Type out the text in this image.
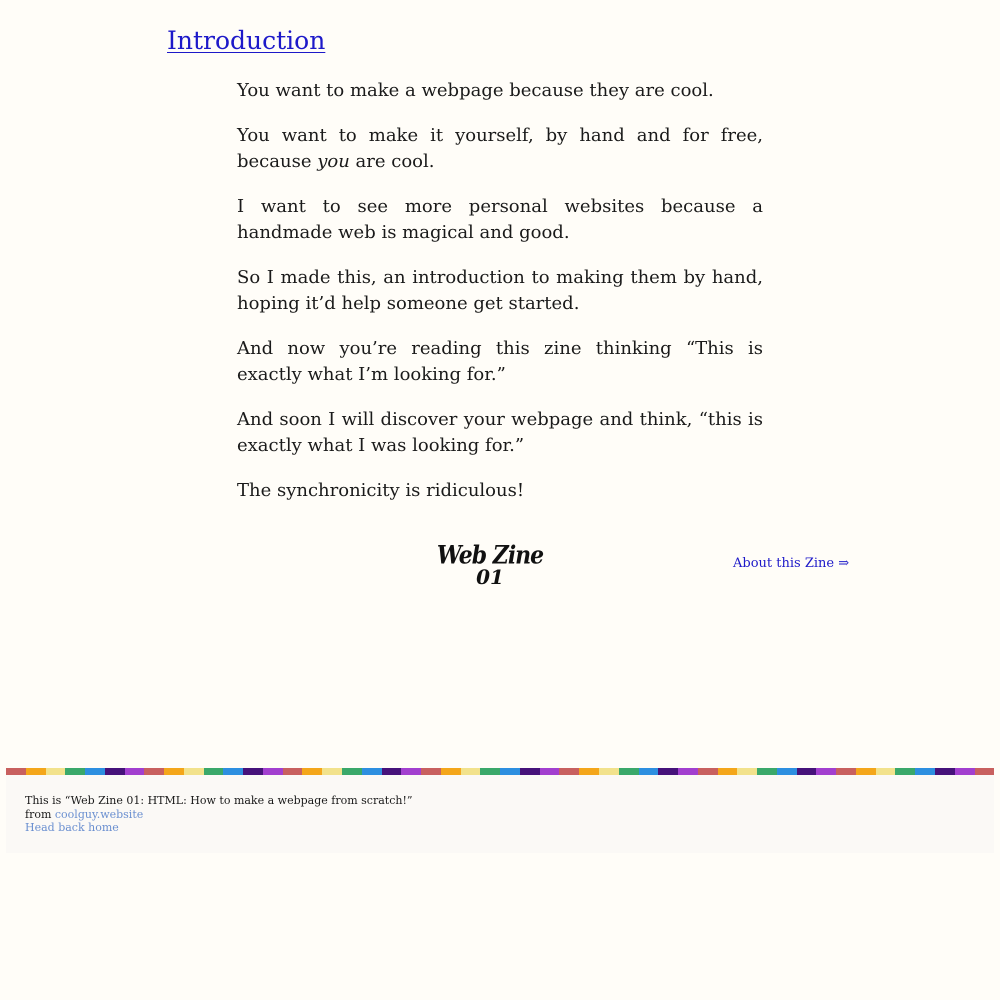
Introduction

You want to make a webpage because they are cool.

You want to make it yourself, by hand and for free, because you are cool.

I want to see more personal websites because a handmade web is magical and good.

So I made this, an introduction to making them by hand, hoping it’d help someone get started.

And now you’re reading this zine thinking “This is exactly what I’m looking for.”

And soon I will discover your webpage and think, “this is exactly what I was looking for.”

The synchronicity is ridiculous!

Web Zine
01
About this Zine ⇒
This is “Web Zine 01: HTML: How to make a webpage from scratch!”
from coolguy.website
Head back home
